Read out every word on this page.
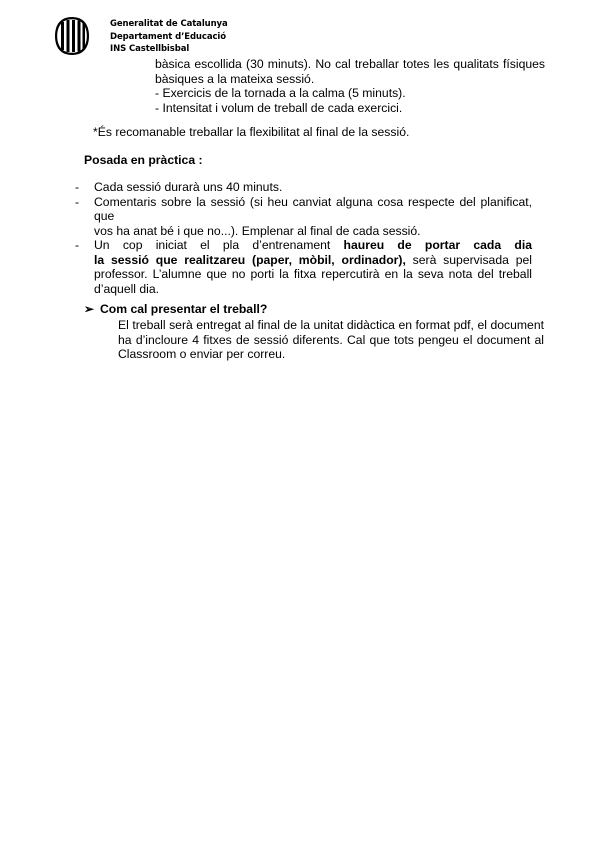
Generalitat de Catalunya
Departament d’Educació
INS Castellbisbal
bàsica escollida (30 minuts). No cal treballar totes les qualitats físiques
bàsiques a la mateixa sessió.
- Exercicis de la tornada a la calma (5 minuts).
- Intensitat i volum de treball de cada exercici.
*És recomanable treballar la flexibilitat al final de la sessió.
Posada en pràctica :
- Cada sessió durarà uns 40 minuts.
- Comentaris sobre la sessió (si heu canviat alguna cosa respecte del planificat, que
vos ha anat bé i que no...). Emplenar al final de cada sessió.
- Un cop iniciat el pla d’entrenament haureu de portar cada dia
la sessió que realitzareu (paper, mòbil, ordinador), serà supervisada pel
professor. L’alumne que no porti la fitxa repercutirà en la seva nota del treball
d’aquell dia.
➢ Com cal presentar el treball?
El treball serà entregat al final de la unitat didàctica en format pdf, el document
ha d’incloure 4 fitxes de sessió diferents. Cal que tots pengeu el document al
Classroom o enviar per correu.
